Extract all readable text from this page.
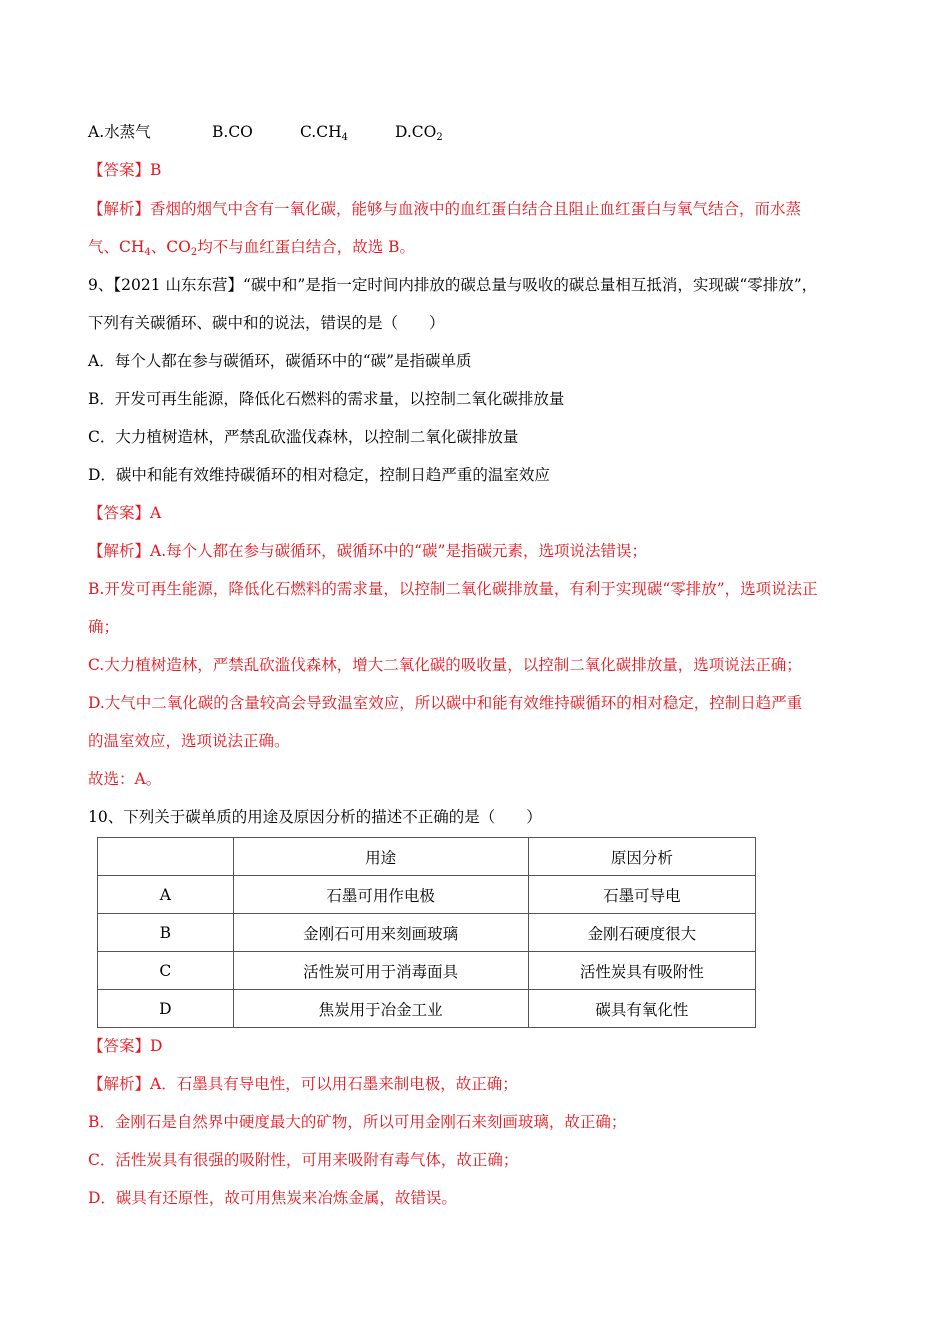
A.水蒸气	B.CO	$C.CH_4$	$D.CO_2$
【答案】B
【解析】香烟的烟气中含有一氧化碳，能够与血液中的血红蛋白结合且阻止血红蛋白与氧气结合，而水蒸
气、$CH_4$、$CO_2$均不与血红蛋白结合，故选 B。
9、【2021 山东东营】“碳中和”是指一定时间内排放的碳总量与吸收的碳总量相互抵消，实现碳“零排放”，
下列有关碳循环、碳中和的说法，错误的是（　　）
A．每个人都在参与碳循环，碳循环中的“碳”是指碳单质
B．开发可再生能源，降低化石燃料的需求量，以控制二氧化碳排放量
C．大力植树造林，严禁乱砍滥伐森林，以控制二氧化碳排放量
D．碳中和能有效维持碳循环的相对稳定，控制日趋严重的温室效应
【答案】A
【解析】A.每个人都在参与碳循环，碳循环中的“碳”是指碳元素，选项说法错误；
B.开发可再生能源，降低化石燃料的需求量，以控制二氧化碳排放量，有利于实现碳“零排放”，选项说法正
确；
C.大力植树造林，严禁乱砍滥伐森林，增大二氧化碳的吸收量，以控制二氧化碳排放量，选项说法正确；
D.大气中二氧化碳的含量较高会导致温室效应，所以碳中和能有效维持碳循环的相对稳定，控制日趋严重
的温室效应，选项说法正确。
故选：A。
10、下列关于碳单质的用途及原因分析的描述不正确的是（　　）
	用途	原因分析
A	石墨可用作电极	石墨可导电
B	金刚石可用来刻画玻璃	金刚石硬度很大
C	活性炭可用于消毒面具	活性炭具有吸附性
D	焦炭用于冶金工业	碳具有氧化性
【答案】D
【解析】A．石墨具有导电性，可以用石墨来制电极，故正确；
B．金刚石是自然界中硬度最大的矿物，所以可用金刚石来刻画玻璃，故正确；
C．活性炭具有很强的吸附性，可用来吸附有毒气体，故正确；
D．碳具有还原性，故可用焦炭来冶炼金属，故错误。
